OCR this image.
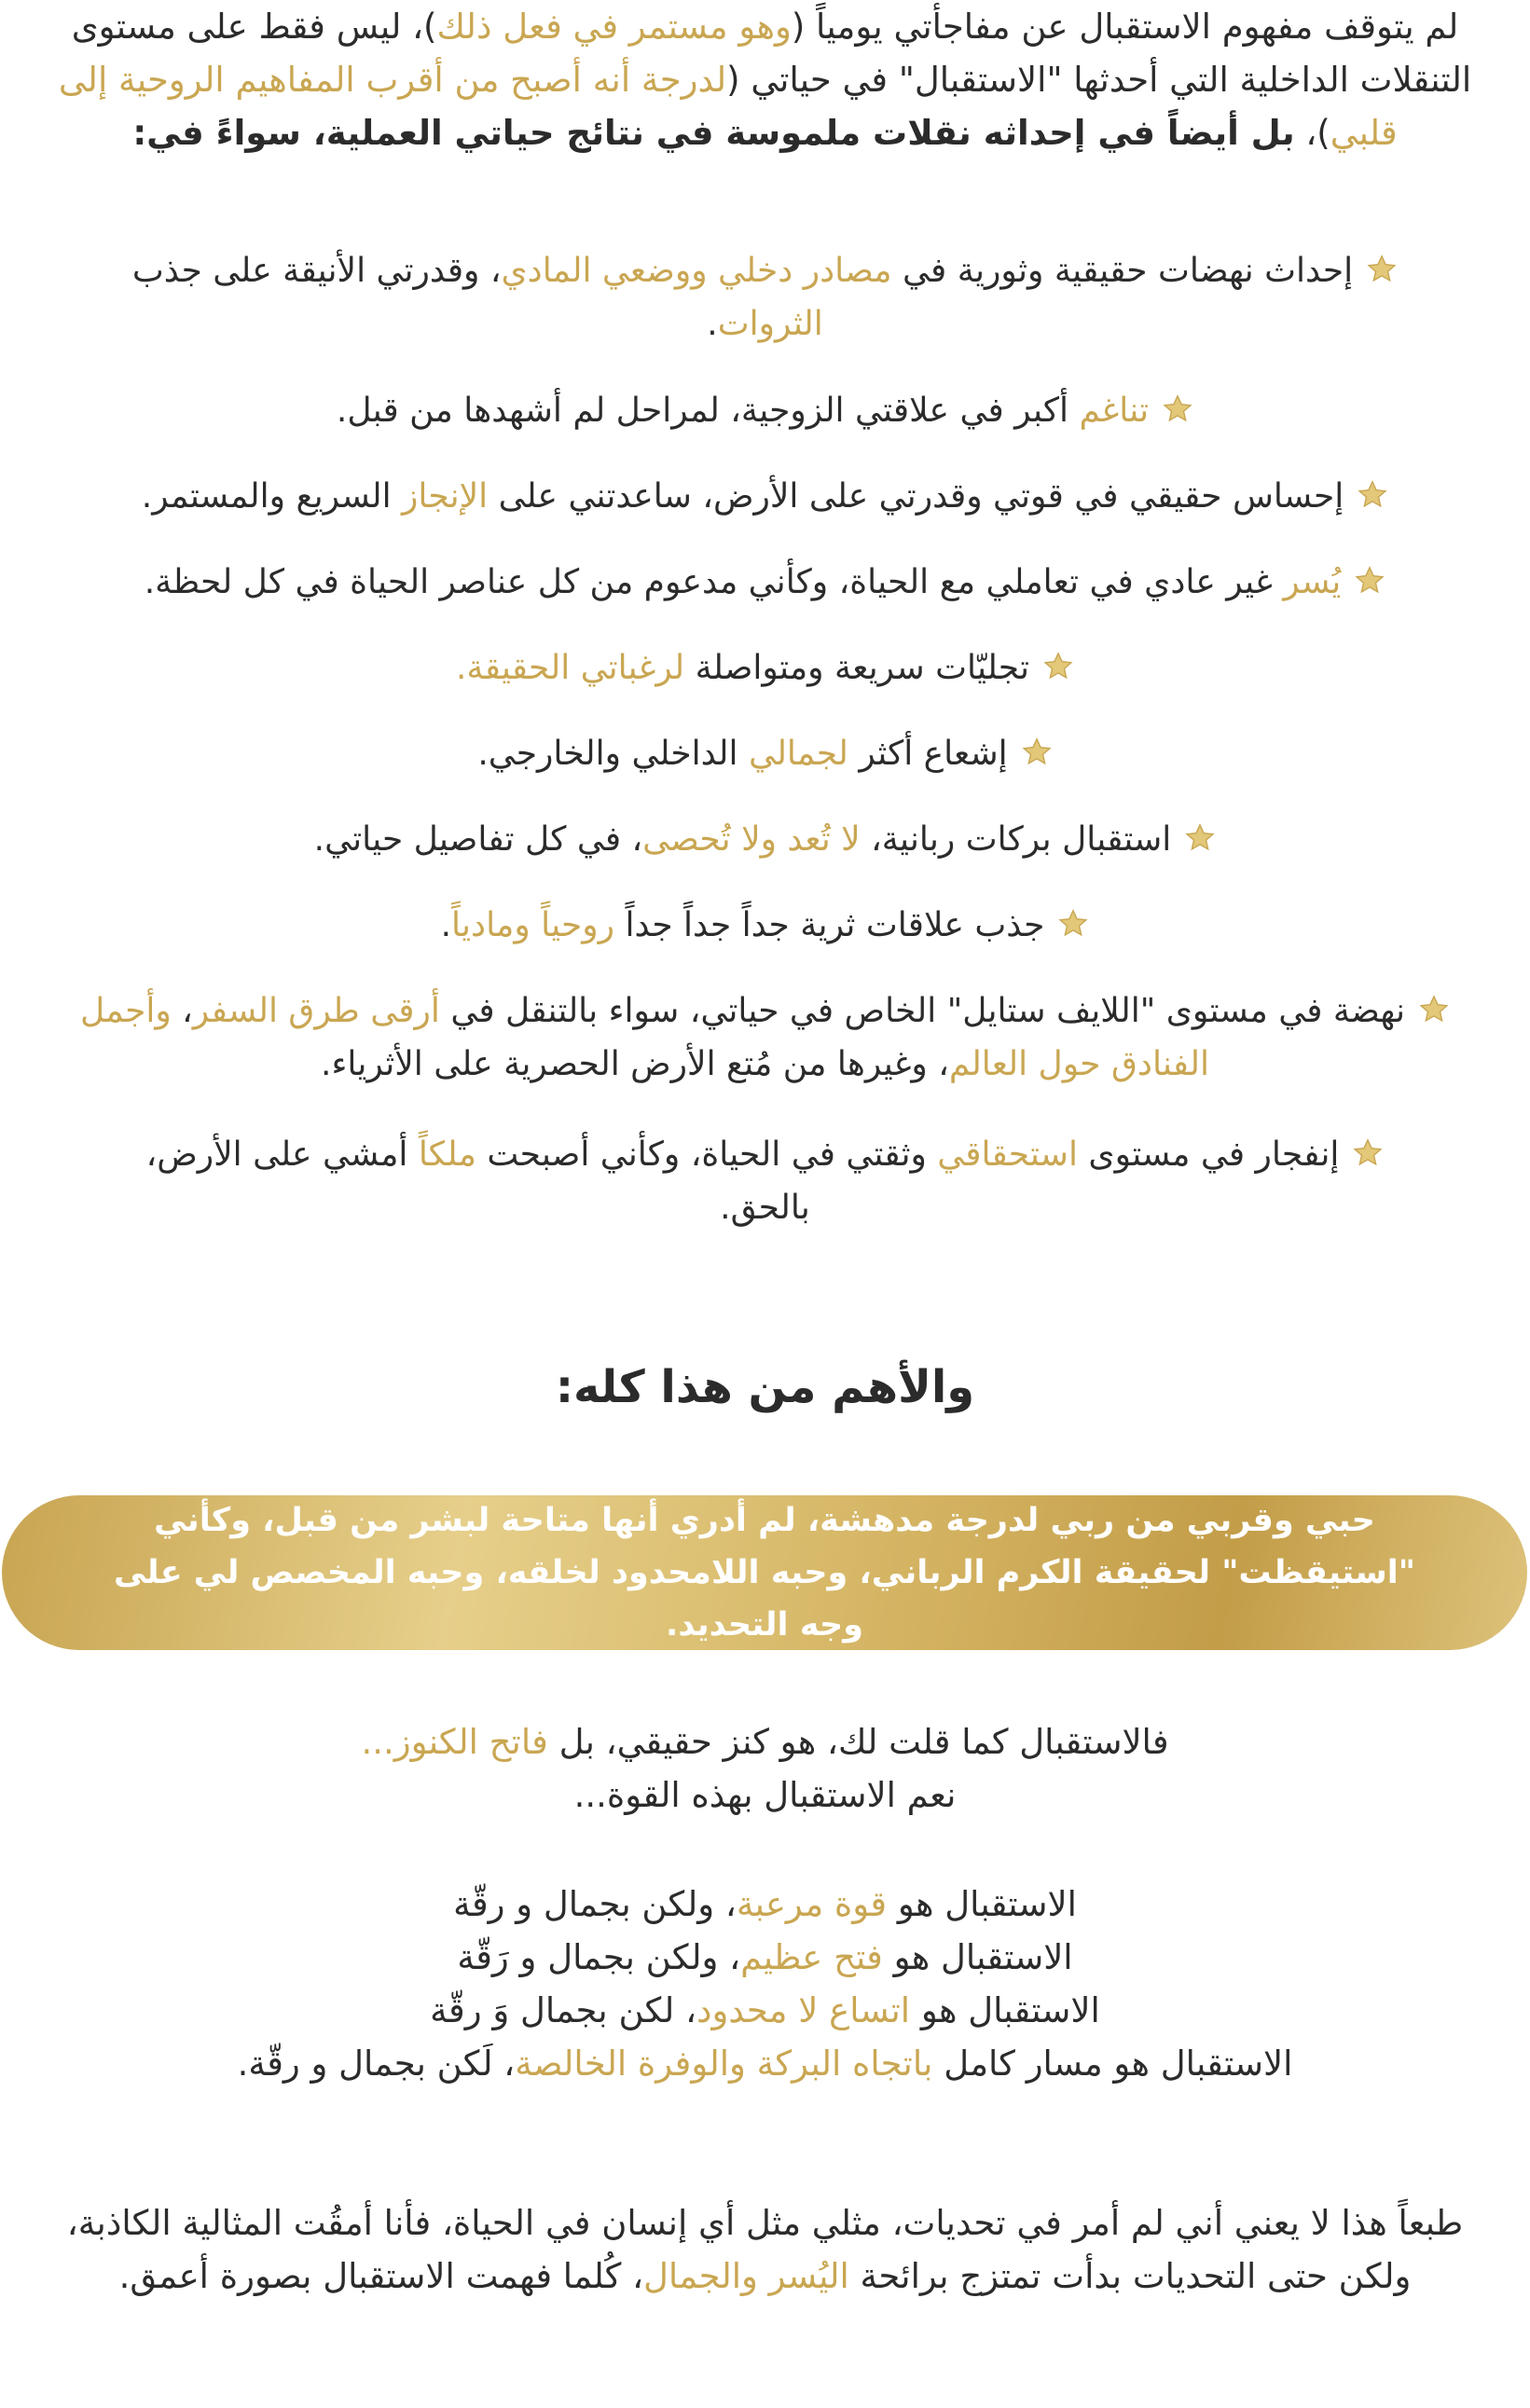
لم يتوقف مفهوم الاستقبال عن مفاجأتي يومياً (وهو مستمر في فعل ذلك)، ليس فقط على مستوى التنقلات الداخلية التي أحدثها "الاستقبال" في حياتي (لدرجة أنه أصبح من أقرب المفاهيم الروحية إلى قلبي)، بل أيضاً في إحداثه نقلات ملموسة في نتائج حياتي العملية، سواءً في:
إحداث نهضات حقيقية وثورية في مصادر دخلي ووضعي المادي، وقدرتي الأنيقة على جذب الثروات.
تناغم أكبر في علاقتي الزوجية، لمراحل لم أشهدها من قبل.
إحساس حقيقي في قوتي وقدرتي على الأرض، ساعدتني على الإنجاز السريع والمستمر.
يُسر غير عادي في تعاملي مع الحياة، وكأني مدعوم من كل عناصر الحياة في كل لحظة.
تجليّات سريعة ومتواصلة لرغباتي الحقيقة.
إشعاع أكثر لجمالي الداخلي والخارجي.
استقبال بركات ربانية، لا تُعد ولا تُحصى، في كل تفاصيل حياتي.
جذب علاقات ثرية جداً جداً جداً روحياً ومادياً.
نهضة في مستوى "اللايف ستايل" الخاص في حياتي، سواء بالتنقل في أرقى طرق السفر، وأجمل الفنادق حول العالم، وغيرها من مُتع الأرض الحصرية على الأثرياء.
إنفجار في مستوى استحقاقي وثقتي في الحياة، وكأني أصبحت ملكاً أمشي على الأرض، بالحق.
والأهم من هذا كله:
حبي وقربي من ربي لدرجة مدهشة، لم أدري أنها متاحة لبشر من قبل، وكأني "استيقظت" لحقيقة الكرم الرباني، وحبه اللامحدود لخلقه، وحبه المخصص لي على وجه التحديد.
فالاستقبال كما قلت لك، هو كنز حقيقي، بل فاتح الكنوز...
نعم الاستقبال بهذه القوة...
الاستقبال هو قوة مرعبة، ولكن بجمال و رقّة
الاستقبال هو فتح عظيم، ولكن بجمال و رَقّة
الاستقبال هو اتساع لا محدود، لكن بجمال وَ رقّة
الاستقبال هو مسار كامل باتجاه البركة والوفرة الخالصة، لَكن بجمال و رقّة.
طبعاً هذا لا يعني أني لم أمر في تحديات، مثلي مثل أي إنسان في الحياة، فأنا أمقُت المثالية الكاذبة،
ولكن حتى التحديات بدأت تمتزج برائحة اليُسر والجمال، كُلما فهمت الاستقبال بصورة أعمق.
